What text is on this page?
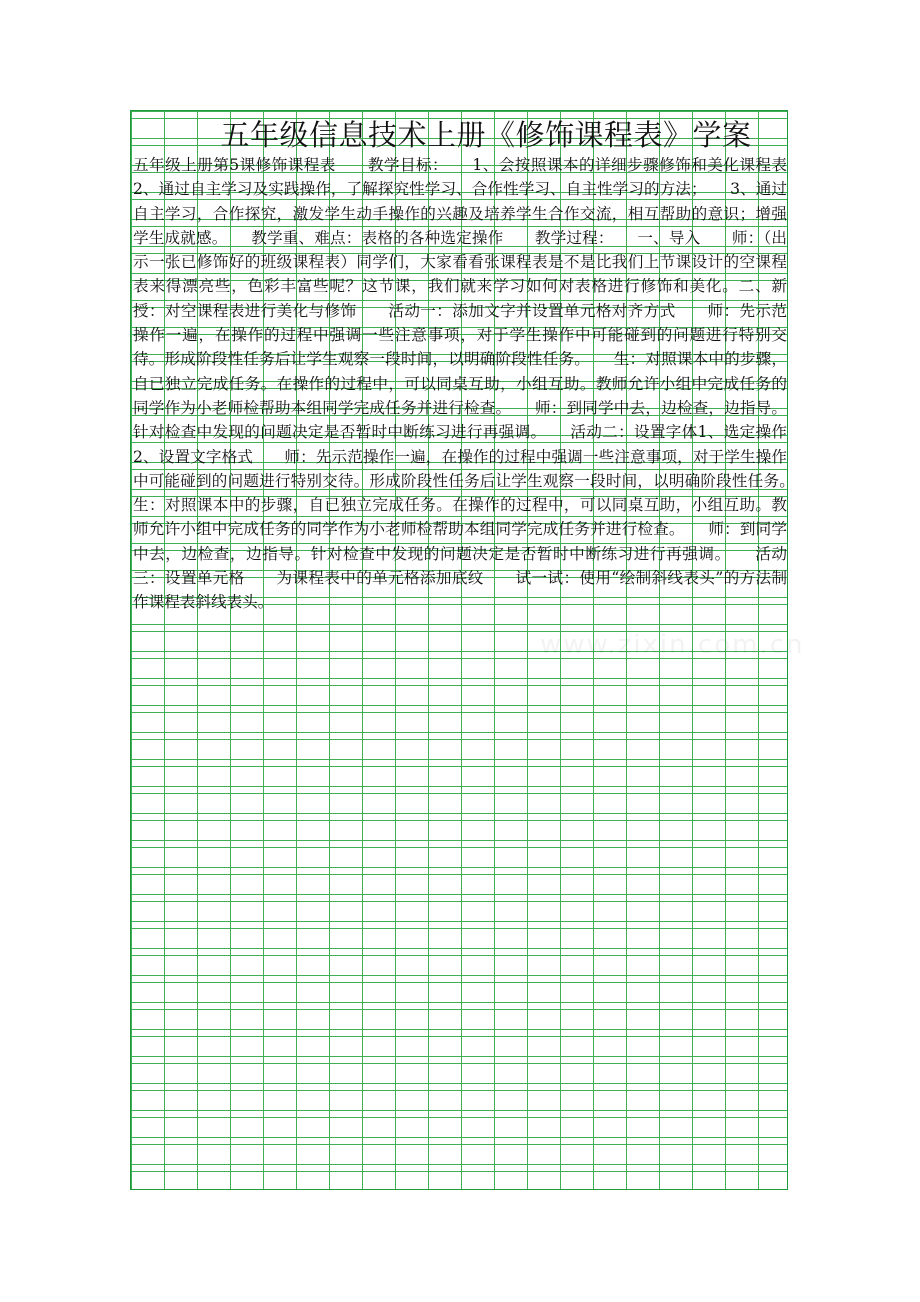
五年级信息技术上册《修饰课程表》学案
五年级上册第5课修饰课程表　　教学目标：　　1、会按照课本的详细步骤修饰和美化课程表　　2、通过自主学习及实践操作，了解探究性学习、合作性学习、自主性学习的方法；　　3、通过自主学习，合作探究，激发学生动手操作的兴趣及培养学生合作交流，相互帮助的意识；增强学生成就感。　　教学重、难点：表格的各种选定操作　　教学过程：　　一、导入　　师：（出示一张已修饰好的班级课程表）同学们，大家看看张课程表是不是比我们上节课设计的空课程表来得漂亮些，色彩丰富些呢？这节课，我们就来学习如何对表格进行修饰和美化。二、新授：对空课程表进行美化与修饰　　活动一：添加文字并设置单元格对齐方式　　师：先示范操作一遍，在操作的过程中强调一些注意事项，对于学生操作中可能碰到的问题进行特别交待。形成阶段性任务后让学生观察一段时间，以明确阶段性任务。　　生：对照课本中的步骤，自已独立完成任务。在操作的过程中，可以同桌互助，小组互助。教师允许小组中完成任务的同学作为小老师检帮助本组同学完成任务并进行检查。　　师：到同学中去，边检查，边指导。针对检查中发现的问题决定是否暂时中断练习进行再强调。　　活动二：设置字体1、选定操作　　2、设置文字格式　　师：先示范操作一遍，在操作的过程中强调一些注意事项，对于学生操作中可能碰到的问题进行特别交待。形成阶段性任务后让学生观察一段时间，以明确阶段性任务。　　生：对照课本中的步骤，自已独立完成任务。在操作的过程中，可以同桌互助，小组互助。教师允许小组中完成任务的同学作为小老师检帮助本组同学完成任务并进行检查。　　师：到同学中去，边检查，边指导。针对检查中发现的问题决定是否暂时中断练习进行再强调。　　活动三：设置单元格　　为课程表中的单元格添加底纹　　试一试：使用“绘制斜线表头”的方法制作课程表斜线表头。
www.zixin.com.cn
